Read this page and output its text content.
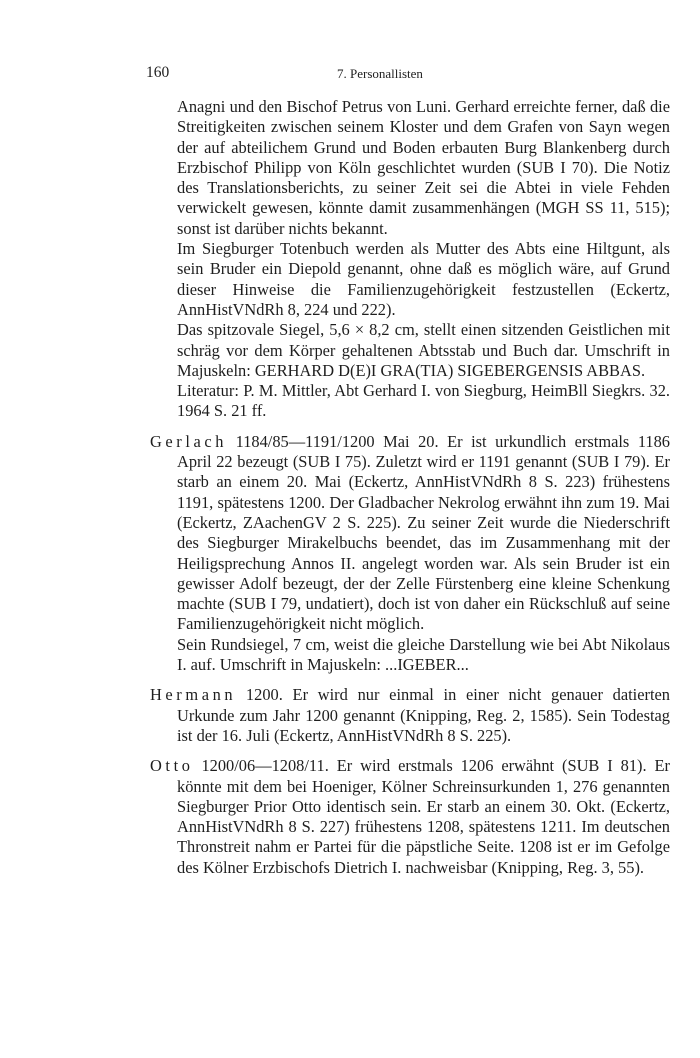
160	7. Personallisten

Anagni und den Bischof Petrus von Luni. Gerhard erreichte ferner, daß die Streitigkeiten zwischen seinem Kloster und dem Grafen von Sayn wegen der auf abteilichem Grund und Boden erbauten Burg Blankenberg durch Erzbischof Philipp von Köln geschlichtet wurden (SUB I 70). Die Notiz des Translationsberichts, zu seiner Zeit sei die Abtei in viele Fehden verwickelt gewesen, könnte damit zusammenhängen (MGH SS 11, 515); sonst ist darüber nichts bekannt.

Im Siegburger Totenbuch werden als Mutter des Abts eine Hiltgunt, als sein Bruder ein Diepold genannt, ohne daß es möglich wäre, auf Grund dieser Hinweise die Familienzugehörigkeit festzustellen (Eckertz, AnnHistVNdRh 8, 224 und 222).

Das spitzovale Siegel, 5,6 × 8,2 cm, stellt einen sitzenden Geistlichen mit schräg vor dem Körper gehaltenen Abtsstab und Buch dar. Umschrift in Majuskeln: GERHARD D(E)I GRA(TIA) SIGEBERGENSIS ABBAS.

Literatur: P. M. Mittler, Abt Gerhard I. von Siegburg, HeimBll Siegkrs. 32. 1964 S. 21 ff.

Gerlach 1184/85—1191/1200 Mai 20. Er ist urkundlich erstmals 1186 April 22 bezeugt (SUB I 75). Zuletzt wird er 1191 genannt (SUB I 79). Er starb an einem 20. Mai (Eckertz, AnnHistVNdRh 8 S. 223) frühestens 1191, spätestens 1200. Der Gladbacher Nekrolog erwähnt ihn zum 19. Mai (Eckertz, ZAachenGV 2 S. 225). Zu seiner Zeit wurde die Niederschrift des Siegburger Mirakelbuchs beendet, das im Zusammenhang mit der Heiligsprechung Annos II. angelegt worden war. Als sein Bruder ist ein gewisser Adolf bezeugt, der der Zelle Fürstenberg eine kleine Schenkung machte (SUB I 79, undatiert), doch ist von daher ein Rückschluß auf seine Familienzugehörigkeit nicht möglich.

Sein Rundsiegel, 7 cm, weist die gleiche Darstellung wie bei Abt Nikolaus I. auf. Umschrift in Majuskeln: ...IGEBER...

Hermann 1200. Er wird nur einmal in einer nicht genauer datierten Urkunde zum Jahr 1200 genannt (Knipping, Reg. 2, 1585). Sein Todestag ist der 16. Juli (Eckertz, AnnHistVNdRh 8 S. 225).

Otto 1200/06—1208/11. Er wird erstmals 1206 erwähnt (SUB I 81). Er könnte mit dem bei Hoeniger, Kölner Schreinsurkunden 1, 276 genannten Siegburger Prior Otto identisch sein. Er starb an einem 30. Okt. (Eckertz, AnnHistVNdRh 8 S. 227) frühestens 1208, spätestens 1211. Im deutschen Thronstreit nahm er Partei für die päpstliche Seite. 1208 ist er im Gefolge des Kölner Erzbischofs Dietrich I. nachweisbar (Knipping, Reg. 3, 55).
